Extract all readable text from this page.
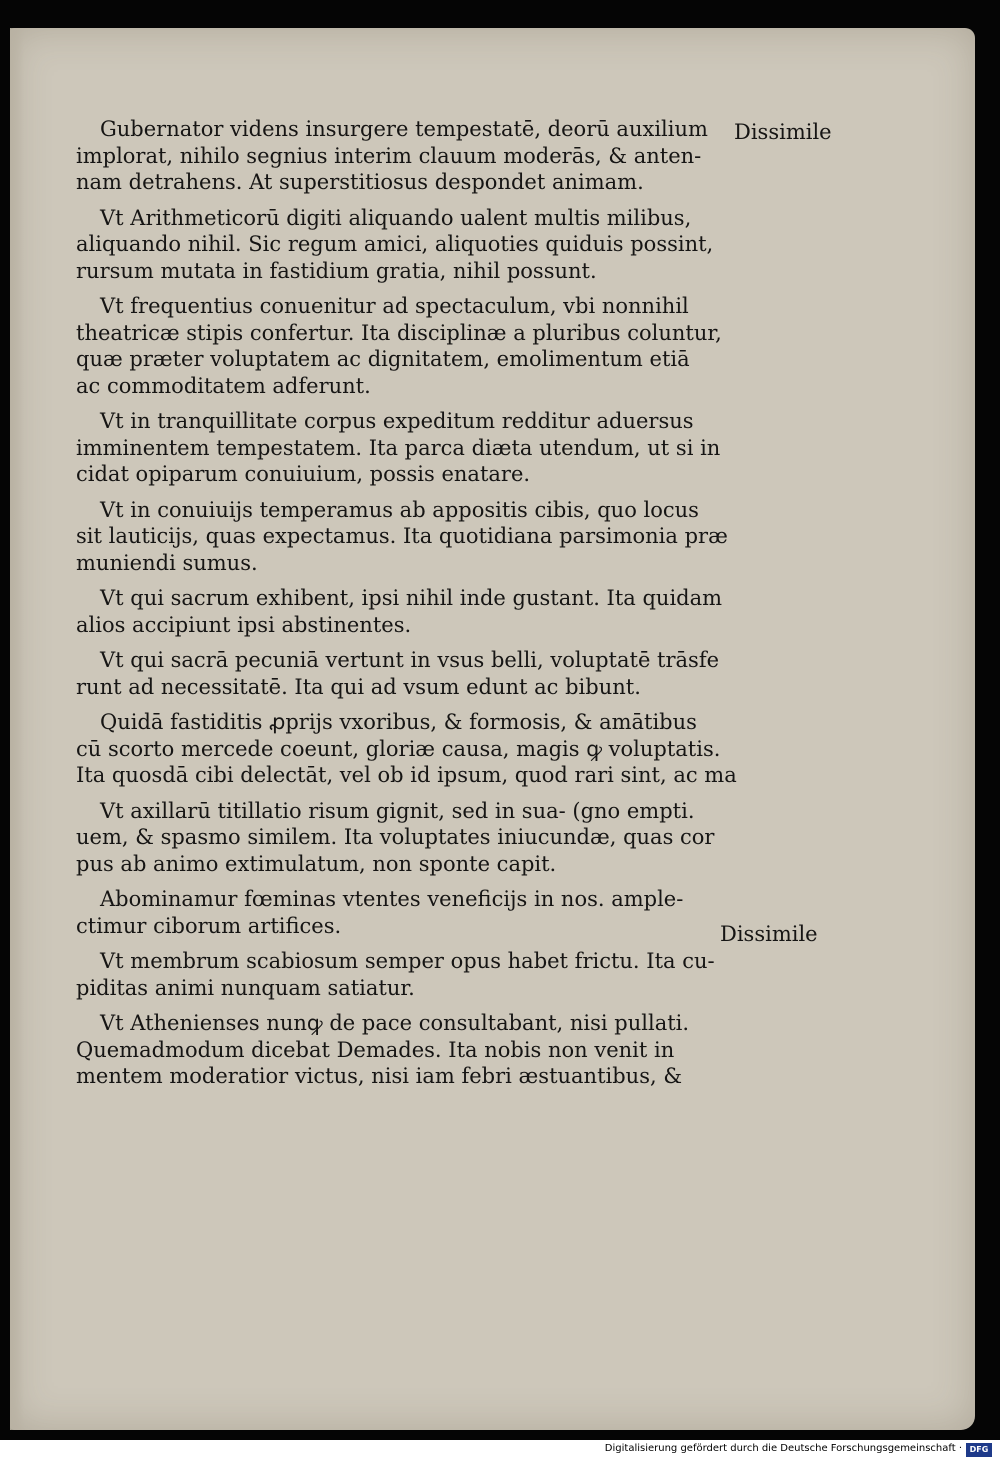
Gubernator videns insurgere tempestatē, deorū auxilium
implorat, nihilo segnius interim clauum moderās, & anten-
nam detrahens. At superstitiosus despondet animam.
Vt Arithmeticorū digiti aliquando ualent multis milibus,
aliquando nihil. Sic regum amici, aliquoties quiduis possint,
rursum mutata in fastidium gratia, nihil possunt.
Vt frequentius conuenitur ad spectaculum, vbi nonnihil
theatricæ stipis confertur. Ita disciplinæ a pluribus coluntur,
quæ præter voluptatem ac dignitatem, emolimentum etiā
ac commoditatem adferunt.
Vt in tranquillitate corpus expeditum redditur aduersus
imminentem tempestatem. Ita parca diæta utendum, ut si in
cidat opiparum conuiuium, possis enatare.
Vt in conuiuijs temperamus ab appositis cibis, quo locus
sit lauticijs, quas expectamus. Ita quotidiana parsimonia præ
muniendi sumus.
Vt qui sacrum exhibent, ipsi nihil inde gustant. Ita quidam
alios accipiunt ipsi abstinentes.
Vt qui sacrā pecuniā vertunt in vsus belli, voluptatē trāsfe
runt ad necessitatē. Ita qui ad vsum edunt ac bibunt.
Quidā fastiditis ꝓprijs vxoribus, & formosis, & amātibus
cū scorto mercede coeunt, gloriæ causa, magis ꝙ voluptatis.
Ita quosdā cibi delectāt, vel ob id ipsum, quod rari sint, ac ma
Vt axillarū titillatio risum gignit, sed in sua- (gno empti.
uem, & spasmo similem. Ita voluptates iniucundæ, quas cor
pus ab animo extimulatum, non sponte capit.
Abominamur fœminas vtentes veneficijs in nos. ample-
ctimur ciborum artifices.
Vt membrum scabiosum semper opus habet frictu. Ita cu-
piditas animi nunquam satiatur.
Vt Athenienses nunꝙ de pace consultabant, nisi pullati.
Quemadmodum dicebat Demades. Ita nobis non venit in
mentem moderatior victus, nisi iam febri æstuantibus, &
Dissimile
Dissimile
Digitalisierung gefördert durch die Deutsche Forschungsgemeinschaft · DFG
